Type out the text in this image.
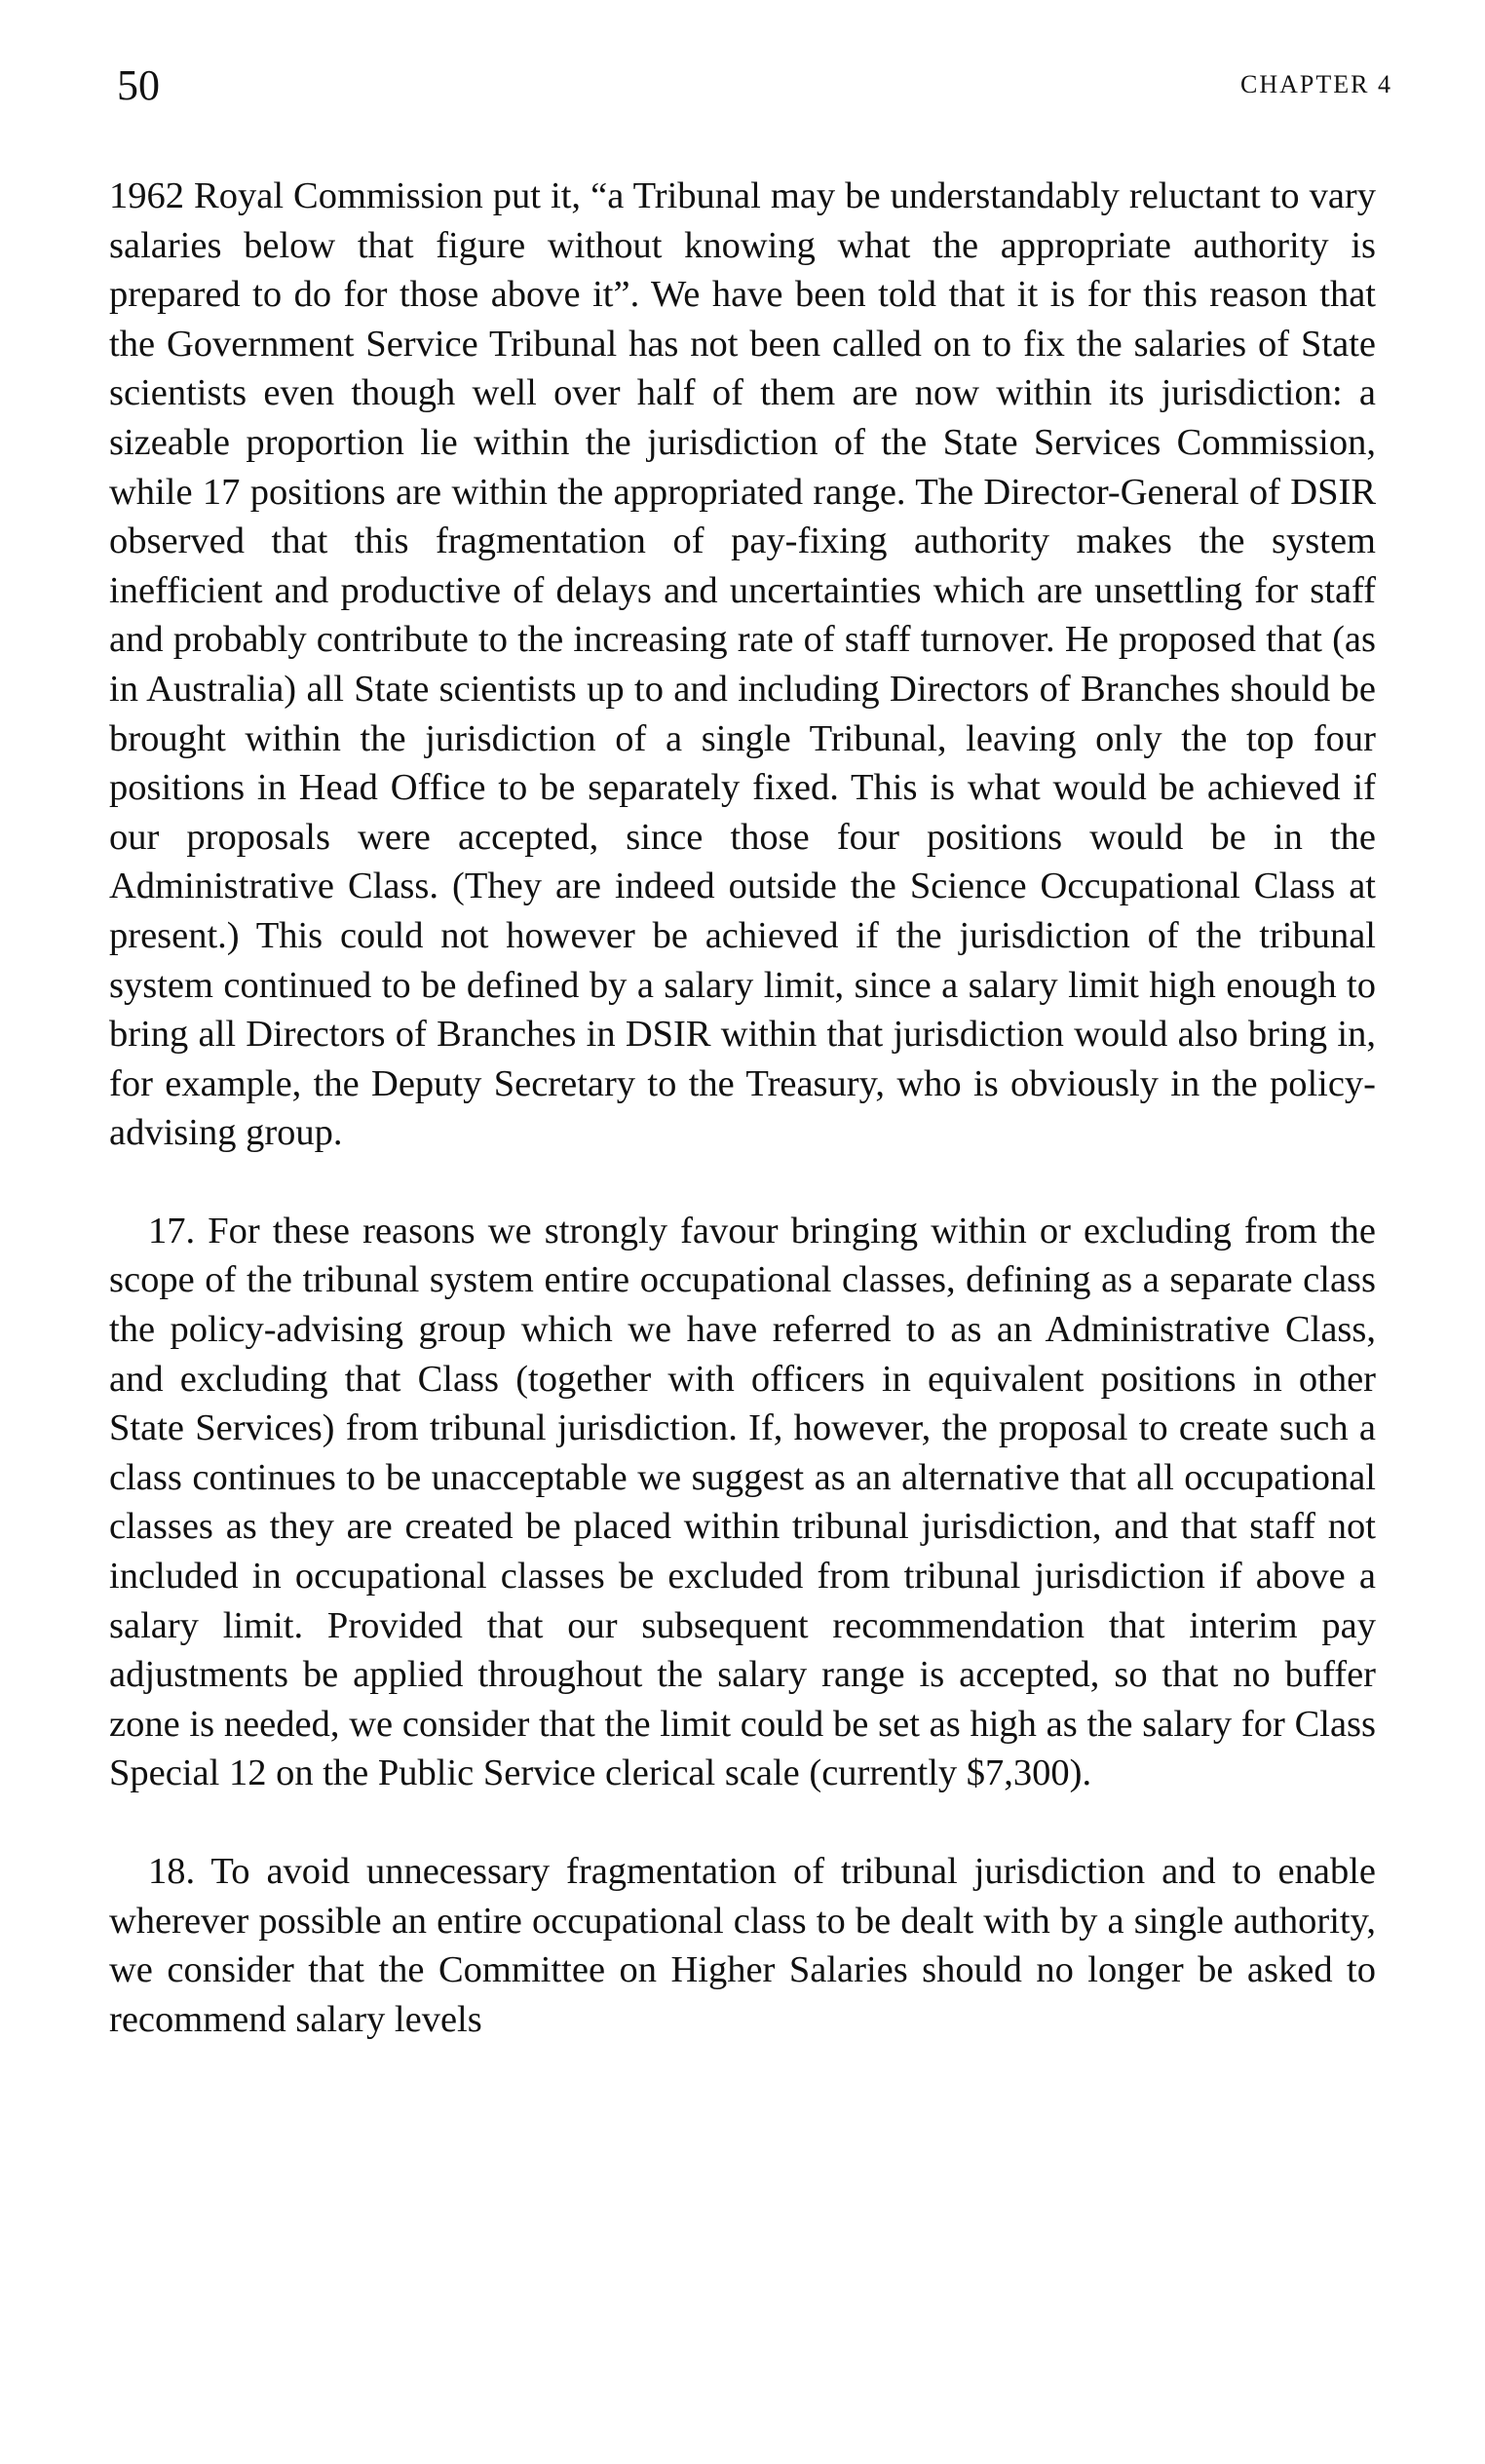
50	CHAPTER 4

1962 Royal Commission put it, “a Tribunal may be understandably reluctant to vary salaries below that figure without knowing what the appropriate authority is prepared to do for those above it”. We have been told that it is for this reason that the Government Service Tribunal has not been called on to fix the salaries of State scientists even though well over half of them are now within its jurisdiction: a sizeable proportion lie within the jurisdiction of the State Services Commission, while 17 positions are within the appropriated range. The Director-General of DSIR observed that this fragmentation of pay-fixing authority makes the system inefficient and productive of delays and uncertainties which are unsettling for staff and probably contribute to the increasing rate of staff turnover. He proposed that (as in Australia) all State scientists up to and including Directors of Branches should be brought within the jurisdiction of a single Tribunal, leaving only the top four positions in Head Office to be separately fixed. This is what would be achieved if our proposals were accepted, since those four positions would be in the Administrative Class. (They are indeed outside the Science Occupational Class at present.) This could not however be achieved if the jurisdiction of the tribunal system continued to be defined by a salary limit, since a salary limit high enough to bring all Directors of Branches in DSIR within that jurisdiction would also bring in, for example, the Deputy Secretary to the Treasury, who is obviously in the policy-advising group.

17. For these reasons we strongly favour bringing within or excluding from the scope of the tribunal system entire occupational classes, defining as a separate class the policy-advising group which we have referred to as an Administrative Class, and excluding that Class (together with officers in equivalent positions in other State Services) from tribunal jurisdiction. If, however, the proposal to create such a class continues to be unacceptable we suggest as an alternative that all occupational classes as they are created be placed within tribunal jurisdiction, and that staff not included in occupational classes be excluded from tribunal jurisdiction if above a salary limit. Provided that our subsequent recommendation that interim pay adjustments be applied throughout the salary range is accepted, so that no buffer zone is needed, we consider that the limit could be set as high as the salary for Class Special 12 on the Public Service clerical scale (currently $7,300).

18. To avoid unnecessary fragmentation of tribunal jurisdiction and to enable wherever possible an entire occupational class to be dealt with by a single authority, we consider that the Committee on Higher Salaries should no longer be asked to recommend salary levels
